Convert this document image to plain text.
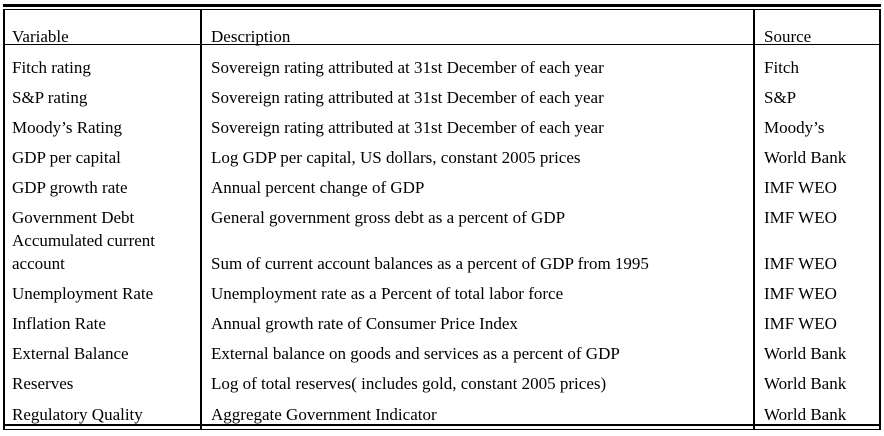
Variable	Description	Source
Fitch rating	Sovereign rating attributed at 31st December of each year	Fitch
S&P rating	Sovereign rating attributed at 31st December of each year	S&P
Moody’s Rating	Sovereign rating attributed at 31st December of each year	Moody’s
GDP per capital	Log GDP per capital, US dollars, constant 2005 prices	World Bank
GDP growth rate	Annual percent change of GDP	IMF WEO
Government Debt	General government gross debt as a percent of GDP	IMF WEO
Accumulated current
account	Sum of current account balances as a percent of GDP from 1995	IMF WEO
Unemployment Rate	Unemployment rate as a Percent of total labor force	IMF WEO
Inflation Rate	Annual growth rate of Consumer Price Index	IMF WEO
External Balance	External balance on goods and services as a percent of GDP	World Bank
Reserves	Log of total reserves( includes gold, constant 2005 prices)	World Bank
Regulatory Quality	Aggregate Government Indicator	World Bank
